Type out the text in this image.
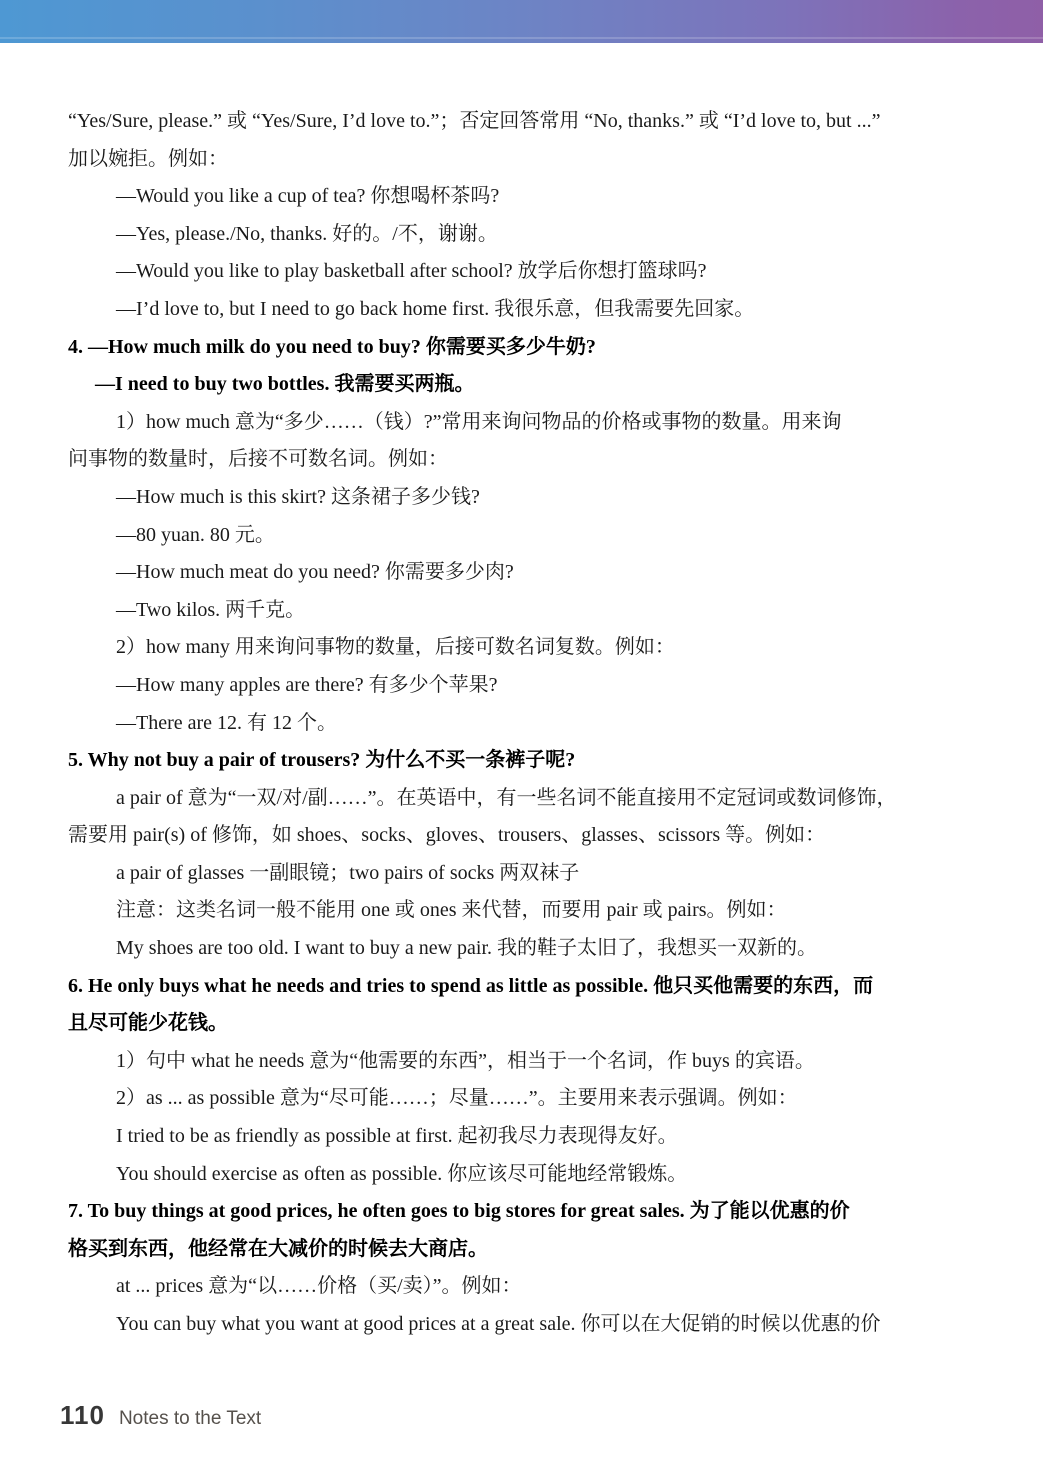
“Yes/Sure, please.” 或 “Yes/Sure, I’d love to.”；否定回答常用 “No, thanks.” 或 “I’d love to, but ...”
加以婉拒。例如：
—Would you like a cup of tea? 你想喝杯茶吗?
—Yes, please./No, thanks. 好的。/不，谢谢。
—Would you like to play basketball after school? 放学后你想打篮球吗?
—I’d love to, but I need to go back home first. 我很乐意，但我需要先回家。
4. —How much milk do you need to buy? 你需要买多少牛奶?
—I need to buy two bottles. 我需要买两瓶。
1）how much 意为“多少……（钱）?”常用来询问物品的价格或事物的数量。用来询
问事物的数量时，后接不可数名词。例如：
—How much is this skirt? 这条裙子多少钱?
—80 yuan. 80 元。
—How much meat do you need? 你需要多少肉?
—Two kilos. 两千克。
2）how many 用来询问事物的数量，后接可数名词复数。例如：
—How many apples are there? 有多少个苹果?
—There are 12. 有 12 个。
5. Why not buy a pair of trousers? 为什么不买一条裤子呢?
a pair of 意为“一双/对/副……”。在英语中，有一些名词不能直接用不定冠词或数词修饰，
需要用 pair(s) of 修饰，如 shoes、socks、gloves、trousers、glasses、scissors 等。例如：
a pair of glasses 一副眼镜；two pairs of socks 两双袜子
注意：这类名词一般不能用 one 或 ones 来代替，而要用 pair 或 pairs。例如：
My shoes are too old. I want to buy a new pair. 我的鞋子太旧了，我想买一双新的。
6. He only buys what he needs and tries to spend as little as possible. 他只买他需要的东西，而
且尽可能少花钱。
1）句中 what he needs 意为“他需要的东西”，相当于一个名词，作 buys 的宾语。
2）as ... as possible 意为“尽可能……；尽量……”。主要用来表示强调。例如：
I tried to be as friendly as possible at first. 起初我尽力表现得友好。
You should exercise as often as possible. 你应该尽可能地经常锻炼。
7. To buy things at good prices, he often goes to big stores for great sales. 为了能以优惠的价
格买到东西，他经常在大减价的时候去大商店。
at ... prices 意为“以……价格（买/卖）”。例如：
You can buy what you want at good prices at a great sale. 你可以在大促销的时候以优惠的价
110 Notes to the Text
